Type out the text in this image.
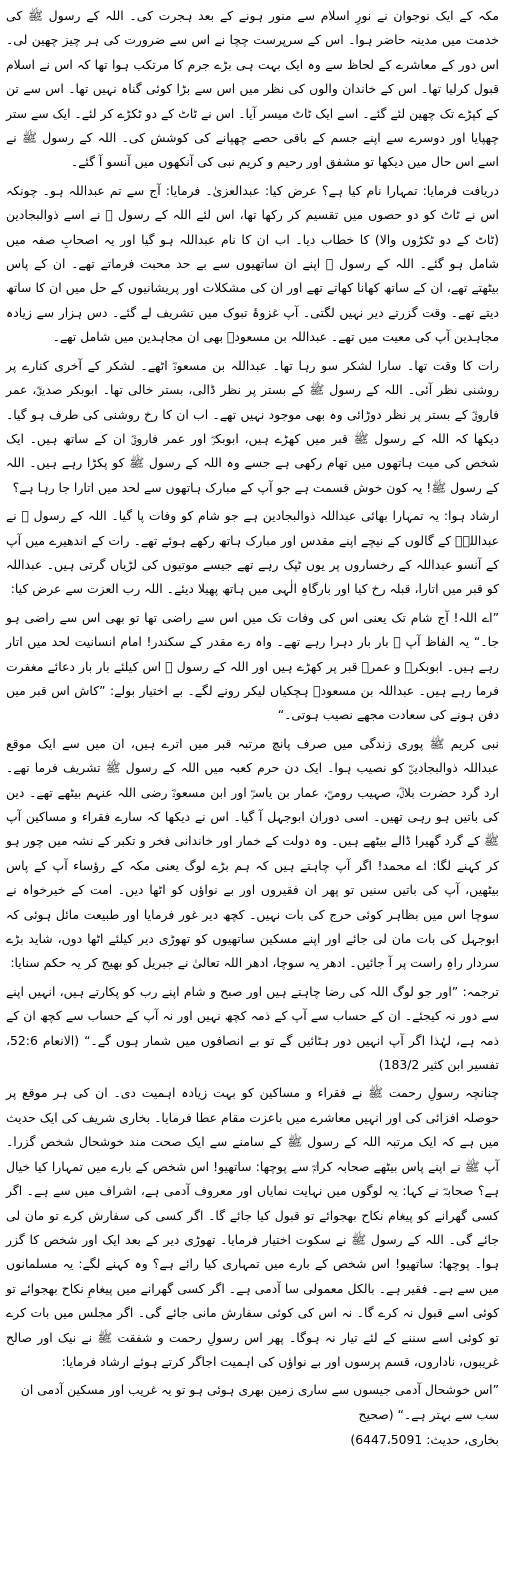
مکہ کے ایک نوجوان نے نورِ اسلام سے منور ہونے کے بعد ہجرت کی۔ اللہ کے رسول ﷺ کی خدمت میں مدینہ حاضر ہوا۔ اس کے سرپرست چچا نے اس سے ضرورت کی ہر چیز چھین لی۔ اس دور کے معاشرے کے لحاظ سے وہ ایک بہت ہی بڑے جرم کا مرتکب ہوا تھا کہ اس نے اسلام قبول کرلیا تھا۔ اس کے خاندان والوں کی نظر میں اس سے بڑا کوئی گناہ نہیں تھا۔ اس سے تن کے کپڑے تک چھین لئے گئے۔ اسے ایک ٹاٹ میسر آیا۔ اس نے ٹاٹ کے دو ٹکڑے کر لئے۔ ایک سے ستر چھپایا اور دوسرے سے اپنے جسم کے باقی حصے چھپانے کی کوشش کی۔ اللہ کے رسول ﷺ نے اسے اس حال میں دیکھا تو مشفق اور رحیم و کریم نبی کی آنکھوں میں آنسو آ گئے۔

دریافت فرمایا: تمہارا نام کیا ہے؟ عرض کیا: عبدالعزیٰ۔ فرمایا: آج سے تم عبداللہ ہو۔ چونکہ اس نے ٹاٹ کو دو حصوں میں تقسیم کر رکھا تھا، اس لئے اللہ کے رسول ﷺ نے اسے ذوالبجادین (ٹاٹ کے دو ٹکڑوں والا) کا خطاب دیا۔ اب ان کا نام عبداللہ ہو گیا اور یہ اصحابِ صفہ میں شامل ہو گئے۔ اللہ کے رسول ﷺ اپنے ان ساتھیوں سے بے حد محبت فرماتے تھے۔ ان کے پاس بیٹھتے تھے، ان کے ساتھ کھانا کھاتے تھے اور ان کی مشکلات اور پریشانیوں کے حل میں ان کا ساتھ دیتے تھے۔ وقت گزرتے دیر نہیں لگتی۔ آپ غزوۂ تبوک میں تشریف لے گئے۔ دس ہزار سے زیادہ مجاہدین آپ کی معیت میں تھے۔ عبداللہ بن مسعودؓ بھی ان مجاہدین میں شامل تھے۔

رات کا وقت تھا۔ سارا لشکر سو رہا تھا۔ عبداللہ بن مسعودؓ اٹھے۔ لشکر کے آخری کنارے پر روشنی نظر آئی۔ اللہ کے رسول ﷺ کے بستر پر نظر ڈالی، بستر خالی تھا۔ ابوبکر صدیقؓ، عمر فاروقؓ کے بستر پر نظر دوڑائی وہ بھی موجود نہیں تھے۔ اب ان کا رخ روشنی کی طرف ہو گیا۔ دیکھا کہ اللہ کے رسول ﷺ قبر میں کھڑے ہیں، ابوبکرؓ اور عمر فاروقؓ ان کے ساتھ ہیں۔ ایک شخص کی میت ہاتھوں میں تھام رکھی ہے جسے وہ اللہ کے رسول ﷺ کو پکڑا رہے ہیں۔ اللہ کے رسول ﷺ! یہ کون خوش قسمت ہے جو آپ کے مبارک ہاتھوں سے لحد میں اتارا جا رہا ہے؟

ارشاد ہوا: یہ تمہارا بھائی عبداللہ ذوالبجادین ہے جو شام کو وفات پا گیا۔ اللہ کے رسول ﷺ نے عبداللہؓ کے گالوں کے نیچے اپنے مقدس اور مبارک ہاتھ رکھے ہوئے تھے۔ رات کے اندھیرے میں آپ کے آنسو عبداللہ کے رخساروں پر یوں ٹپک رہے تھے جیسے موتیوں کی لڑیاں گرتی ہیں۔ عبداللہ کو قبر میں اتارا، قبلہ رخ کیا اور بارگاہِ الٰہی میں ہاتھ پھیلا دیئے۔ اللہ رب العزت سے عرض کیا:

”اے اللہ! آج شام تک یعنی اس کی وفات تک میں اس سے راضی تھا تو بھی اس سے راضی ہو جا۔“ یہ الفاظ آپ ﷺ بار بار دہرا رہے تھے۔ واہ رے مقدر کے سکندر! امام انسانیت لحد میں اتار رہے ہیں۔ ابوبکرؓ و عمرؓ قبر پر کھڑے ہیں اور اللہ کے رسول ﷺ اس کیلئے بار بار دعائے مغفرت فرما رہے ہیں۔ عبداللہ بن مسعودؓ ہچکیاں لیکر رونے لگے۔ بے اختیار بولے: ”کاش اس قبر میں دفن ہونے کی سعادت مجھے نصیب ہوتی۔“

نبی کریم ﷺ پوری زندگی میں صرف پانچ مرتبہ قبر میں اترے ہیں، ان میں سے ایک موقع عبداللہ ذوالبجادینؓ کو نصیب ہوا۔ ایک دن حرم کعبہ میں اللہ کے رسول ﷺ تشریف فرما تھے۔ ارد گرد حضرت بلالؓ، صہیب رومیؓ، عمار بن یاسرؓ اور ابن مسعودؓ رضی اللہ عنہم بیٹھے تھے۔ دین کی باتیں ہو رہی تھیں۔ اسی دوران ابوجہل آ گیا۔ اس نے دیکھا کہ سارے فقراء و مساکین آپ ﷺ کے گرد گھیرا ڈالے بیٹھے ہیں۔ وہ دولت کے خمار اور خاندانی فخر و تکبر کے نشہ میں چور ہو کر کہنے لگا: اے محمد! اگر آپ چاہتے ہیں کہ ہم بڑے لوگ یعنی مکہ کے رؤساء آپ کے پاس بیٹھیں، آپ کی باتیں سنیں تو پھر ان فقیروں اور بے نواؤں کو اٹھا دیں۔ امت کے خیرخواہ نے سوچا اس میں بظاہر کوئی حرج کی بات نہیں۔ کچھ دیر غور فرمایا اور طبیعت مائل ہوئی کہ ابوجہل کی بات مان لی جائے اور اپنے مسکین ساتھیوں کو تھوڑی دیر کیلئے اٹھا دوں، شاید بڑے سردار راہِ راست پر آ جائیں۔ ادھر یہ سوچا، ادھر اللہ تعالیٰ نے جبریل کو بھیج کر یہ حکم سنایا:

ترجمہ: ”اور جو لوگ اللہ کی رضا چاہتے ہیں اور صبح و شام اپنے رب کو پکارتے ہیں، انہیں اپنے سے دور نہ کیجئے۔ ان کے حساب سے آپ کے ذمہ کچھ نہیں اور نہ آپ کے حساب سے کچھ ان کے ذمہ ہے، لہٰذا اگر آپ انہیں دور ہٹائیں گے تو بے انصافوں میں شمار ہوں گے۔“ (الانعام 52:6، تفسیر ابن کثیر 183/2)

چنانچہ رسولِ رحمت ﷺ نے فقراء و مساکین کو بہت زیادہ اہمیت دی۔ ان کی ہر موقع پر حوصلہ افزائی کی اور انہیں معاشرے میں باعزت مقام عطا فرمایا۔ بخاری شریف کی ایک حدیث میں ہے کہ ایک مرتبہ اللہ کے رسول ﷺ کے سامنے سے ایک صحت مند خوشحال شخص گزرا۔ آپ ﷺ نے اپنے پاس بیٹھے صحابہ کرامؓ سے پوچھا: ساتھیو! اس شخص کے بارے میں تمہارا کیا خیال ہے؟ صحابہؓ نے کہا: یہ لوگوں میں نہایت نمایاں اور معروف آدمی ہے، اشراف میں سے ہے۔ اگر کسی گھرانے کو پیغام نکاح بھجوائے تو قبول کیا جائے گا۔ اگر کسی کی سفارش کرے تو مان لی جائے گی۔ اللہ کے رسول ﷺ نے سکوت اختیار فرمایا۔ تھوڑی دیر کے بعد ایک اور شخص کا گزر ہوا۔ پوچھا: ساتھیو! اس شخص کے بارے میں تمہاری کیا رائے ہے؟ وہ کہنے لگے: یہ مسلمانوں میں سے ہے۔ فقیر ہے۔ بالکل معمولی سا آدمی ہے۔ اگر کسی گھرانے میں پیغامِ نکاح بھجوائے تو کوئی اسے قبول نہ کرے گا۔ نہ اس کی کوئی سفارش مانی جائے گی۔ اگر مجلس میں بات کرے تو کوئی اسے سننے کے لئے تیار نہ ہوگا۔ پھر اس رسولِ رحمت و شفقت ﷺ نے نیک اور صالح غریبوں، ناداروں، قسم پرسوں اور بے نواؤں کی اہمیت اجاگر کرتے ہوئے ارشاد فرمایا:

”اس خوشحال آدمی جیسوں سے ساری زمین بھری ہوئی ہو تو یہ غریب اور مسکین آدمی ان سب سے بہتر ہے۔“ (صحیح

بخاری، حدیث: 6447،5091)
